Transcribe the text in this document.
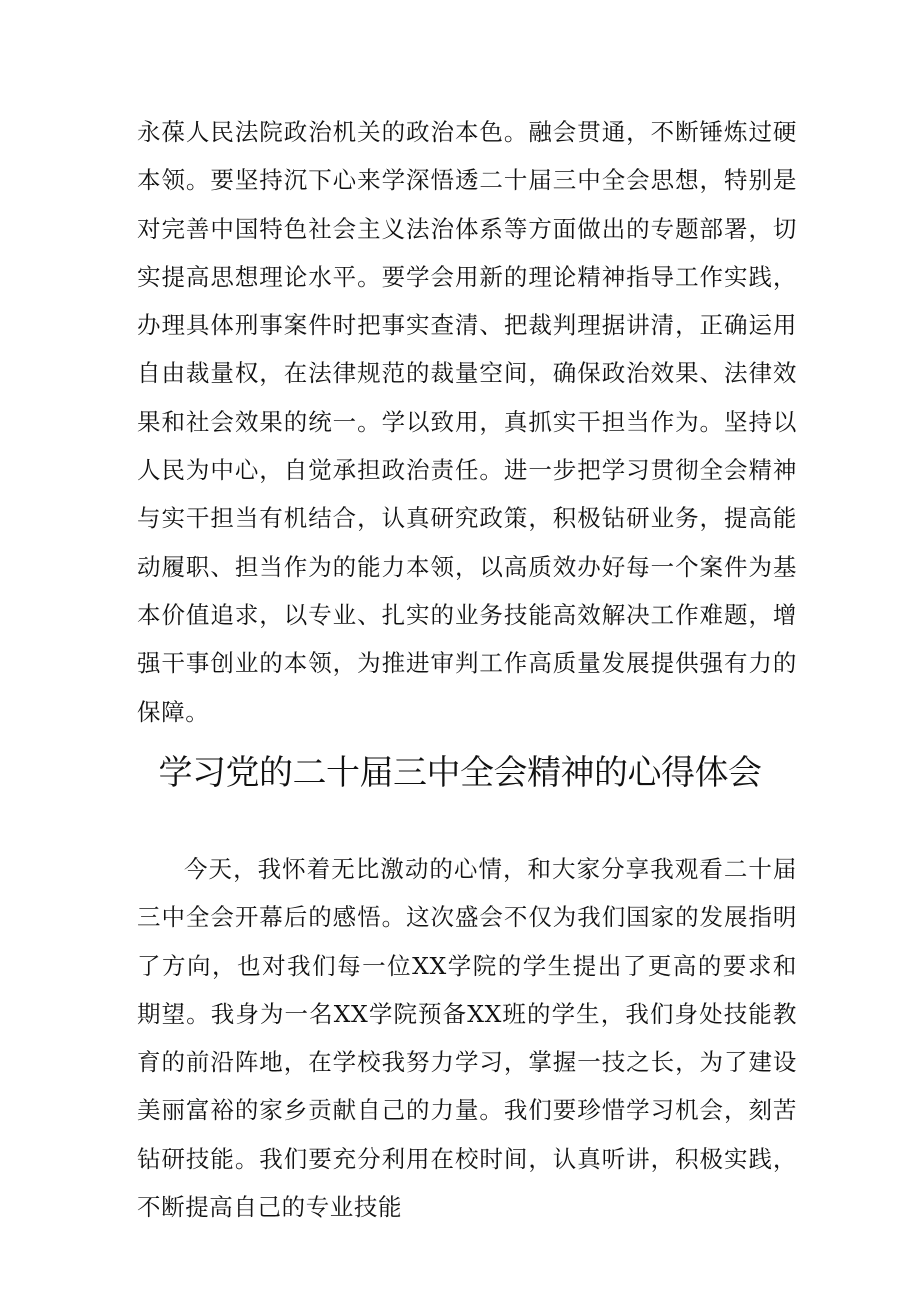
永葆人民法院政治机关的政治本色。融会贯通，不断锤炼过硬本领。要坚持沉下心来学深悟透二十届三中全会思想，特别是对完善中国特色社会主义法治体系等方面做出的专题部署，切实提高思想理论水平。要学会用新的理论精神指导工作实践，办理具体刑事案件时把事实查清、把裁判理据讲清，正确运用自由裁量权，在法律规范的裁量空间，确保政治效果、法律效果和社会效果的统一。学以致用，真抓实干担当作为。坚持以人民为中心，自觉承担政治责任。进一步把学习贯彻全会精神与实干担当有机结合，认真研究政策，积极钻研业务，提高能动履职、担当作为的能力本领，以高质效办好每一个案件为基本价值追求，以专业、扎实的业务技能高效解决工作难题，增强干事创业的本领，为推进审判工作高质量发展提供强有力的保障。

学习党的二十届三中全会精神的心得体会

今天，我怀着无比激动的心情，和大家分享我观看二十届三中全会开幕后的感悟。这次盛会不仅为我们国家的发展指明了方向，也对我们每一位XX学院的学生提出了更高的要求和期望。我身为一名XX学院预备XX班的学生，我们身处技能教育的前沿阵地，在学校我努力学习，掌握一技之长，为了建设美丽富裕的家乡贡献自己的力量。我们要珍惜学习机会，刻苦钻研技能。我们要充分利用在校时间，认真听讲，积极实践，不断提高自己的专业技能
